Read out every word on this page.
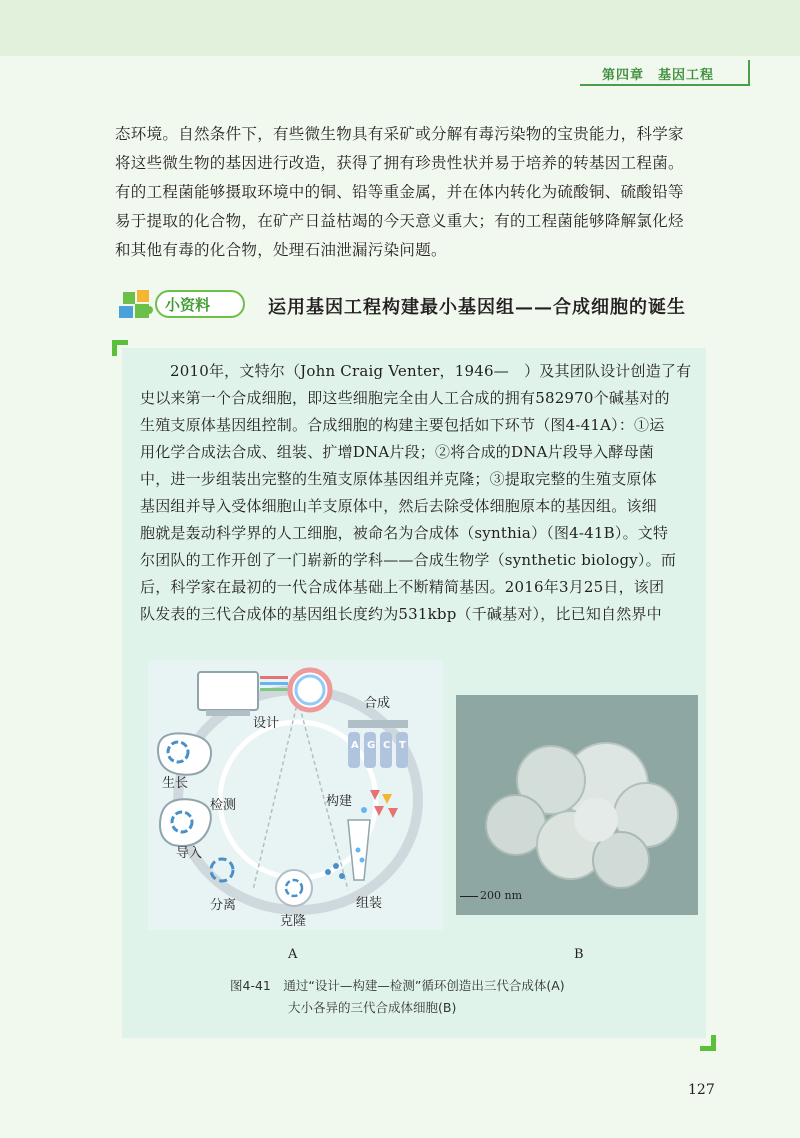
第四章　基因工程
态环境。自然条件下，有些微生物具有采矿或分解有毒污染物的宝贵能力，科学家
将这些微生物的基因进行改造，获得了拥有珍贵性状并易于培养的转基因工程菌。
有的工程菌能够摄取环境中的铜、铅等重金属，并在体内转化为硫酸铜、硫酸铅等
易于提取的化合物，在矿产日益枯竭的今天意义重大；有的工程菌能够降解氯化烃
和其他有毒的化合物，处理石油泄漏污染问题。
小资料	运用基因工程构建最小基因组——合成细胞的诞生
2010年，文特尔（John Craig Venter，1946—　）及其团队设计创造了有
史以来第一个合成细胞，即这些细胞完全由人工合成的拥有582970个碱基对的
生殖支原体基因组控制。合成细胞的构建主要包括如下环节（图4-41A）：①运
用化学合成法合成、组装、扩增DNA片段；②将合成的DNA片段导入酵母菌
中，进一步组装出完整的生殖支原体基因组并克隆；③提取完整的生殖支原体
基因组并导入受体细胞山羊支原体中，然后去除受体细胞原本的基因组。该细
胞就是轰动科学界的人工细胞，被命名为合成体（synthia）（图4-41B）。文特
尔团队的工作开创了一门崭新的学科——合成生物学（synthetic biology）。而
后，科学家在最初的一代合成体基础上不断精简基因。2016年3月25日，该团
队发表的三代合成体的基因组长度约为531kbp（千碱基对），比已知自然界中
设计
合成
生长
检测	构建
导入
分离	组装
克隆
A G C T
200 nm
A	B
图4-41　通过“设计—构建—检测”循环创造出三代合成体(A)
大小各异的三代合成体细胞(B)
127
